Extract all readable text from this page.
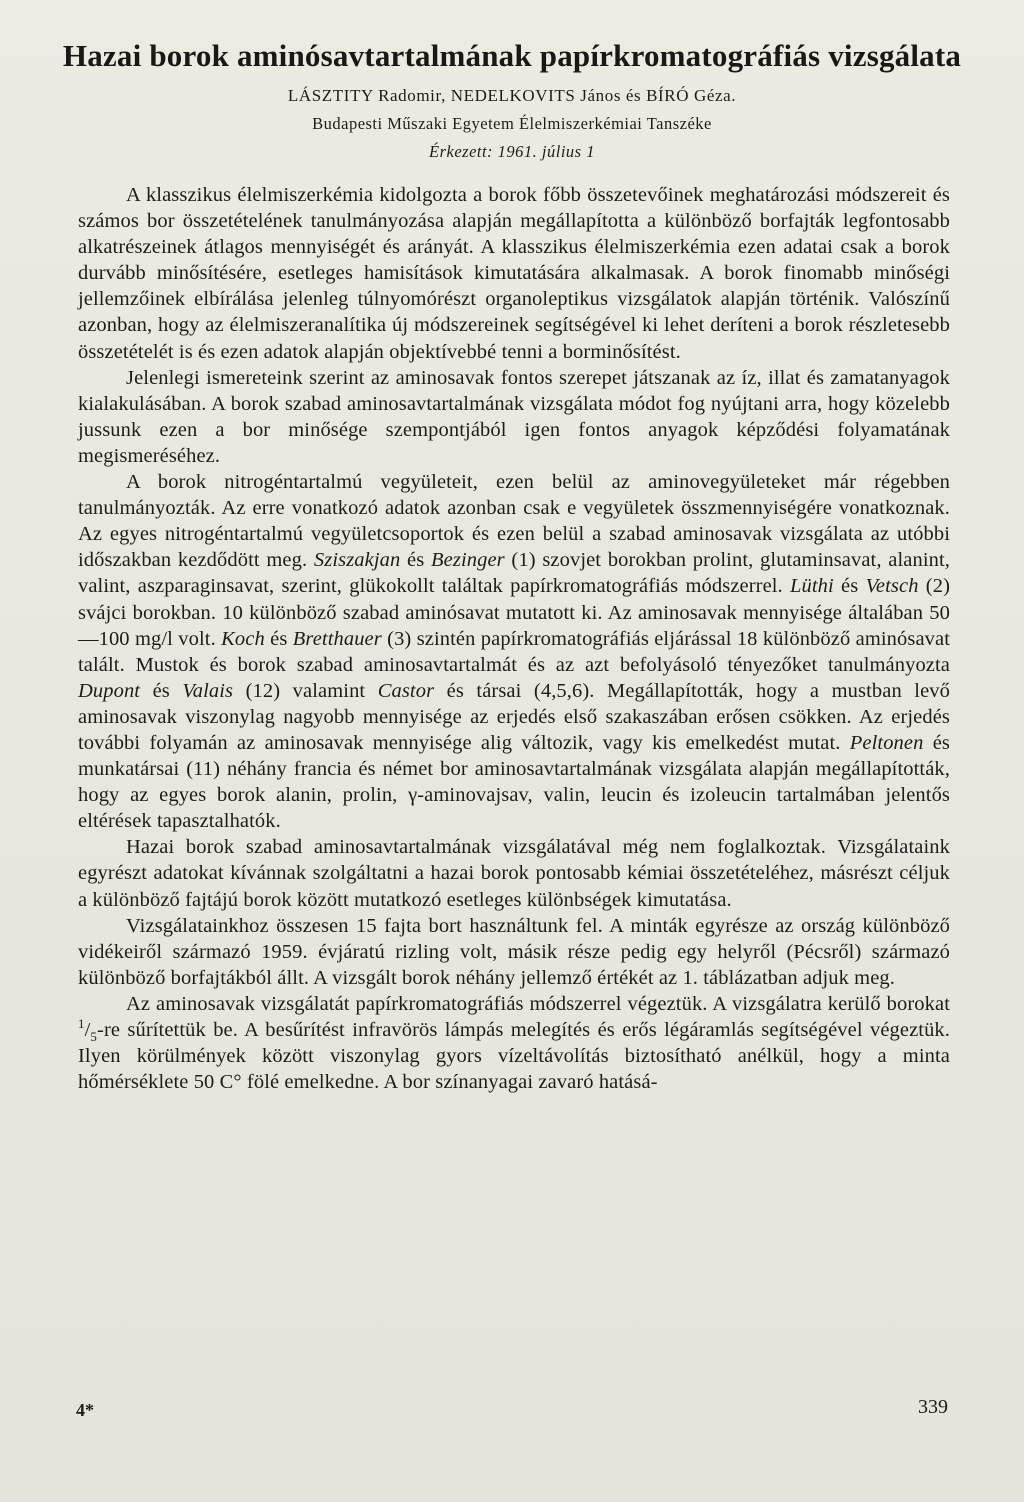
Hazai borok aminósavtartalmának papírkromatográfiás vizsgálata

LÁSZTITY Radomir, NEDELKOVITS János és BÍRÓ Géza.

Budapesti Műszaki Egyetem Élelmiszerkémiai Tanszéke

Érkezett: 1961. július 1

A klasszikus élelmiszerkémia kidolgozta a borok főbb összetevőinek meghatározási módszereit és számos bor összetételének tanulmányozása alapján megállapította a különböző borfajták legfontosabb alkatrészeinek átlagos mennyiségét és arányát. A klasszikus élelmiszerkémia ezen adatai csak a borok durvább minősítésére, esetleges hamisítások kimutatására alkalmasak. A borok finomabb minőségi jellemzőinek elbírálása jelenleg túlnyomórészt organoleptikus vizsgálatok alapján történik. Valószínű azonban, hogy az élelmiszeranalítika új módszereinek segítségével ki lehet deríteni a borok részletesebb összetételét is és ezen adatok alapján objektívebbé tenni a borminősítést.

Jelenlegi ismereteink szerint az aminosavak fontos szerepet játszanak az íz, illat és zamatanyagok kialakulásában. A borok szabad aminosavtartalmának vizsgálata módot fog nyújtani arra, hogy közelebb jussunk ezen a bor minősége szempontjából igen fontos anyagok képződési folyamatának megismeréséhez.

A borok nitrogéntartalmú vegyületeit, ezen belül az aminovegyületeket már régebben tanulmányozták. Az erre vonatkozó adatok azonban csak e vegyületek összmennyiségére vonatkoznak. Az egyes nitrogéntartalmú vegyületcsoportok és ezen belül a szabad aminosavak vizsgálata az utóbbi időszakban kezdődött meg. Sziszakjan és Bezinger (1) szovjet borokban prolint, glutaminsavat, alanint, valint, aszparaginsavat, szerint, glükokollt találtak papírkromatográfiás módszerrel. Lüthi és Vetsch (2) svájci borokban. 10 különböző szabad aminósavat mutatott ki. Az aminosavak mennyisége általában 50—100 mg/l volt. Koch és Bretthauer (3) szintén papírkromatográfiás eljárással 18 különböző aminósavat talált. Mustok és borok szabad aminosavtartalmát és az azt befolyásoló tényezőket tanulmányozta Dupont és Valais (12) valamint Castor és társai (4,5,6). Megállapították, hogy a mustban levő aminosavak viszonylag nagyobb mennyisége az erjedés első szakaszában erősen csökken. Az erjedés további folyamán az aminosavak mennyisége alig változik, vagy kis emelkedést mutat. Peltonen és munkatársai (11) néhány francia és német bor aminosavtartalmának vizsgálata alapján megállapították, hogy az egyes borok alanin, prolin, γ-aminovajsav, valin, leucin és izoleucin tartalmában jelentős eltérések tapasztalhatók.

Hazai borok szabad aminosavtartalmának vizsgálatával még nem foglalkoztak. Vizsgálataink egyrészt adatokat kívánnak szolgáltatni a hazai borok pontosabb kémiai összetételéhez, másrészt céljuk a különböző fajtájú borok között mutatkozó esetleges különbségek kimutatása.

Vizsgálatainkhoz összesen 15 fajta bort használtunk fel. A minták egyrésze az ország különböző vidékeiről származó 1959. évjáratú rizling volt, másik része pedig egy helyről (Pécsről) származó különböző borfajtákból állt. A vizsgált borok néhány jellemző értékét az 1. táblázatban adjuk meg.

Az aminosavak vizsgálatát papírkromatográfiás módszerrel végeztük. A vizsgálatra kerülő borokat $^1/_5-re$ sűrítettük be. A besűrítést infravörös lámpás melegítés és erős légáramlás segítségével végeztük. Ilyen körülmények között viszonylag gyors vízeltávolítás biztosítható anélkül, hogy a minta hőmérséklete 50 C° fölé emelkedne. A bor színanyagai zavaró hatásá-

4*	339
